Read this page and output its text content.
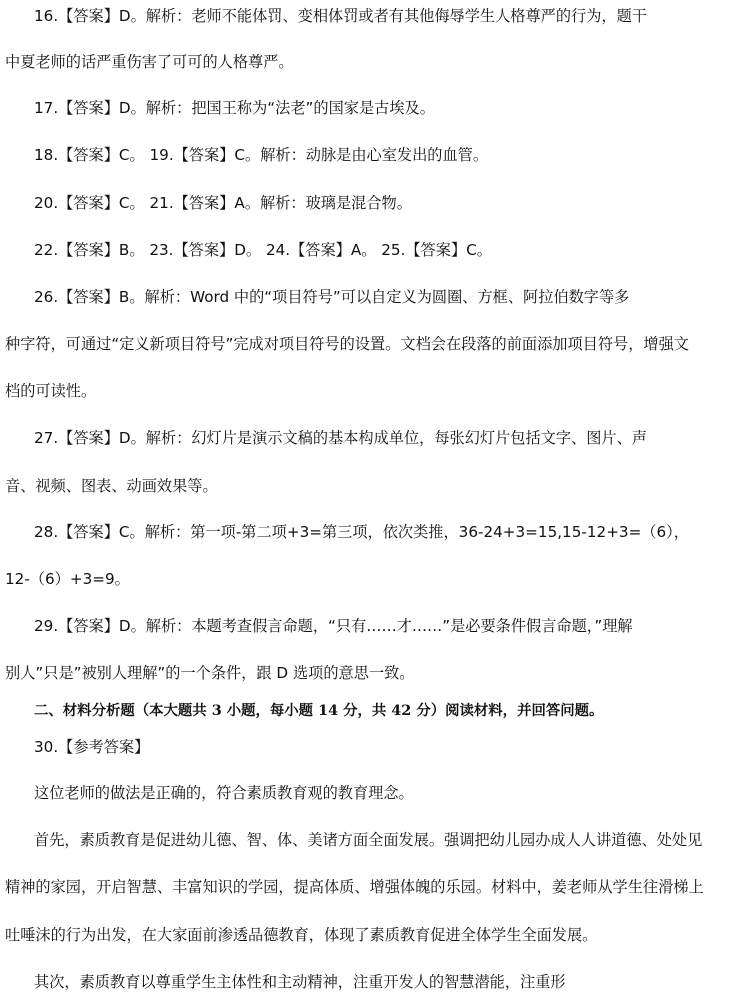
16.【答案】D。解析：老师不能体罚、变相体罚或者有其他侮辱学生人格尊严的行为，题干
中夏老师的话严重伤害了可可的人格尊严。
17.【答案】D。解析：把国王称为“法老”的国家是古埃及。
18.【答案】C。 19.【答案】C。解析：动脉是由心室发出的血管。
20.【答案】C。 21.【答案】A。解析：玻璃是混合物。
22.【答案】B。 23.【答案】D。 24.【答案】A。 25.【答案】C。
26.【答案】B。解析：Word 中的“项目符号”可以自定义为圆圈、方框、阿拉伯数字等多
种字符，可通过“定义新项目符号”完成对项目符号的设置。文档会在段落的前面添加项目符号，增强文
档的可读性。
27.【答案】D。解析：幻灯片是演示文稿的基本构成单位，每张幻灯片包括文字、图片、声
音、视频、图表、动画效果等。
28.【答案】C。解析：第一项-第二项+3=第三项，依次类推，36-24+3=15,15-12+3=（6），
12-（6）+3=9。
29.【答案】D。解析：本题考查假言命题，“只有……才……”是必要条件假言命题，”理解
别人”只是”被别人理解”的一个条件，跟 D 选项的意思一致。
二、材料分析题（本大题共 3 小题，每小题 14 分，共 42 分）阅读材料，并回答问题。
30.【参考答案】
这位老师的做法是正确的，符合素质教育观的教育理念。
首先，素质教育是促进幼儿德、智、体、美诸方面全面发展。强调把幼儿园办成人人讲道德、处处见
精神的家园，开启智慧、丰富知识的学园，提高体质、增强体魄的乐园。材料中，姜老师从学生往滑梯上
吐唾沫的行为出发，在大家面前渗透品德教育，体现了素质教育促进全体学生全面发展。
其次，素质教育以尊重学生主体性和主动精神，注重开发人的智慧潜能，注重形
